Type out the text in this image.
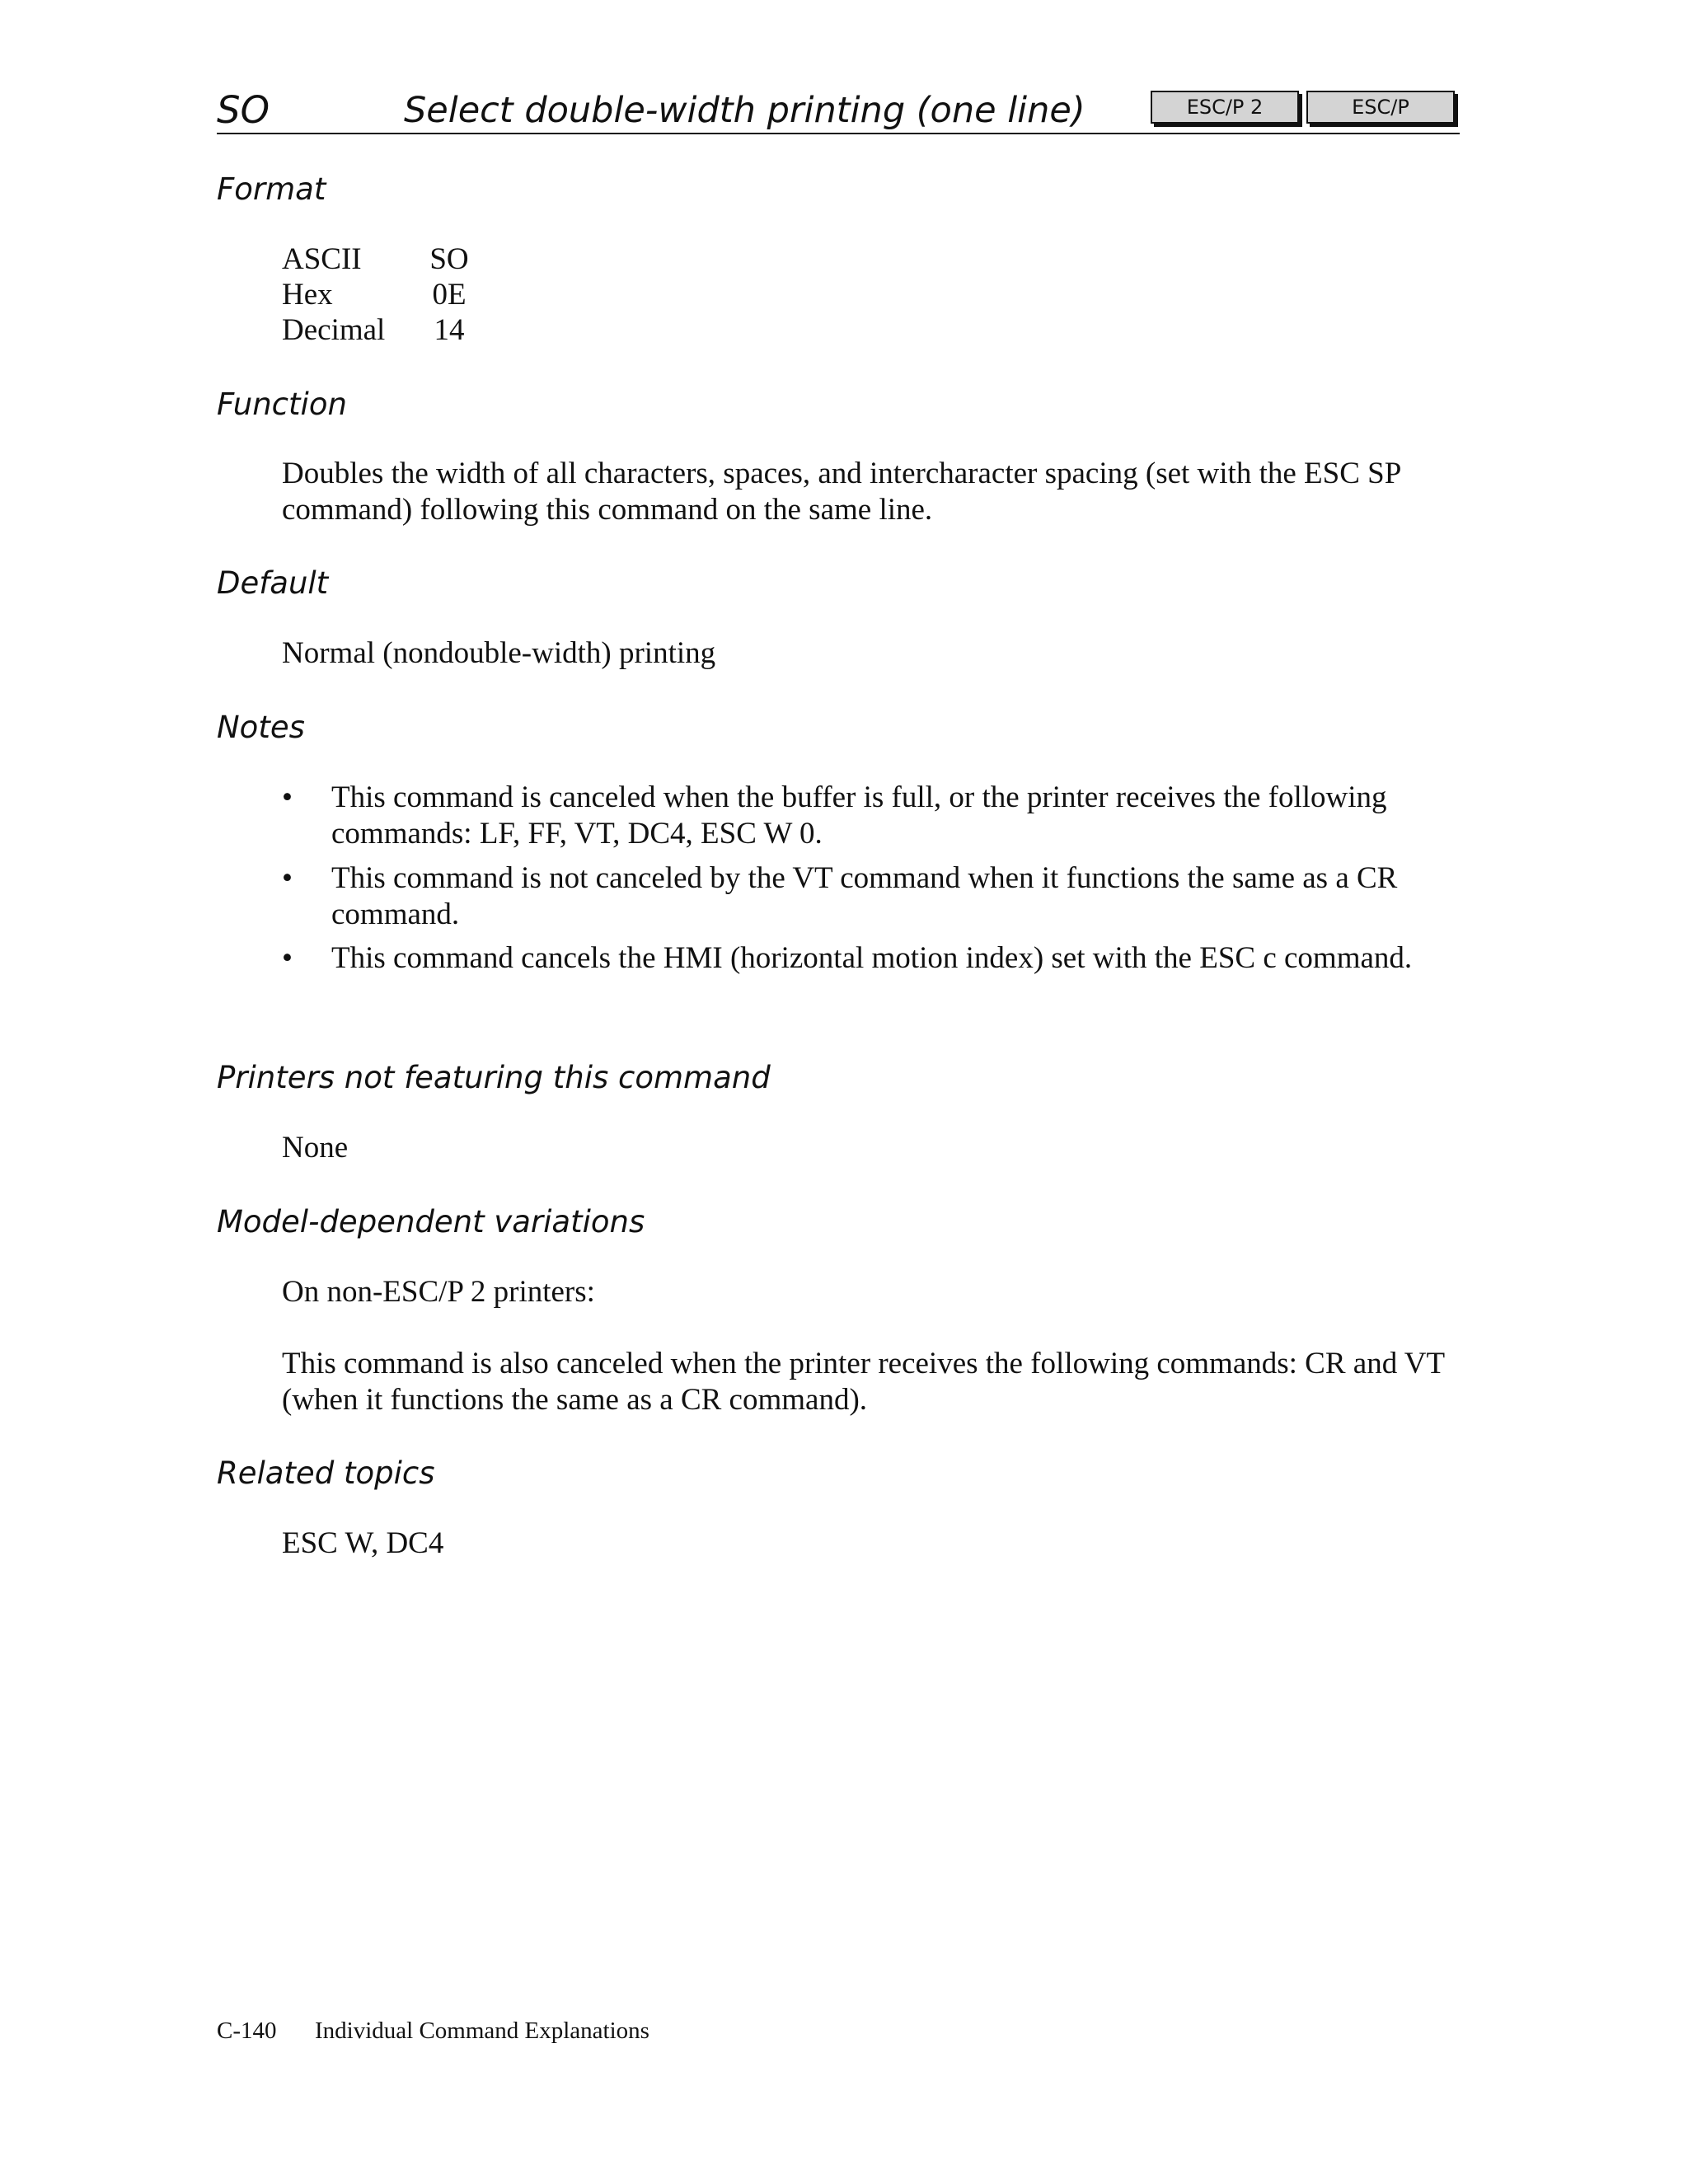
SO	Select double-width printing (one line)	ESC/P 2	ESC/P
Format
ASCII SO
Hex	0E
Decimal 14
Function

Doubles the width of all characters, spaces, and intercharacter spacing (set with the ESC SP command) following this command on the same line.

Default

Normal (nondouble-width) printing

Notes
• This command is canceled when the buffer is full, or the printer receives the following commands: LF, FF, VT, DC4, ESC W 0.

• This command is not canceled by the VT command when it functions the same as a CR command.

• This command cancels the HMI (horizontal motion index) set with the ESC c command.

Printers not featuring this command

None

Model-dependent variations

On non-ESC/P 2 printers:

This command is also canceled when the printer receives the following commands: CR and VT (when it functions the same as a CR command).

Related topics

ESC W, DC4

C-140 Individual Command Explanations
